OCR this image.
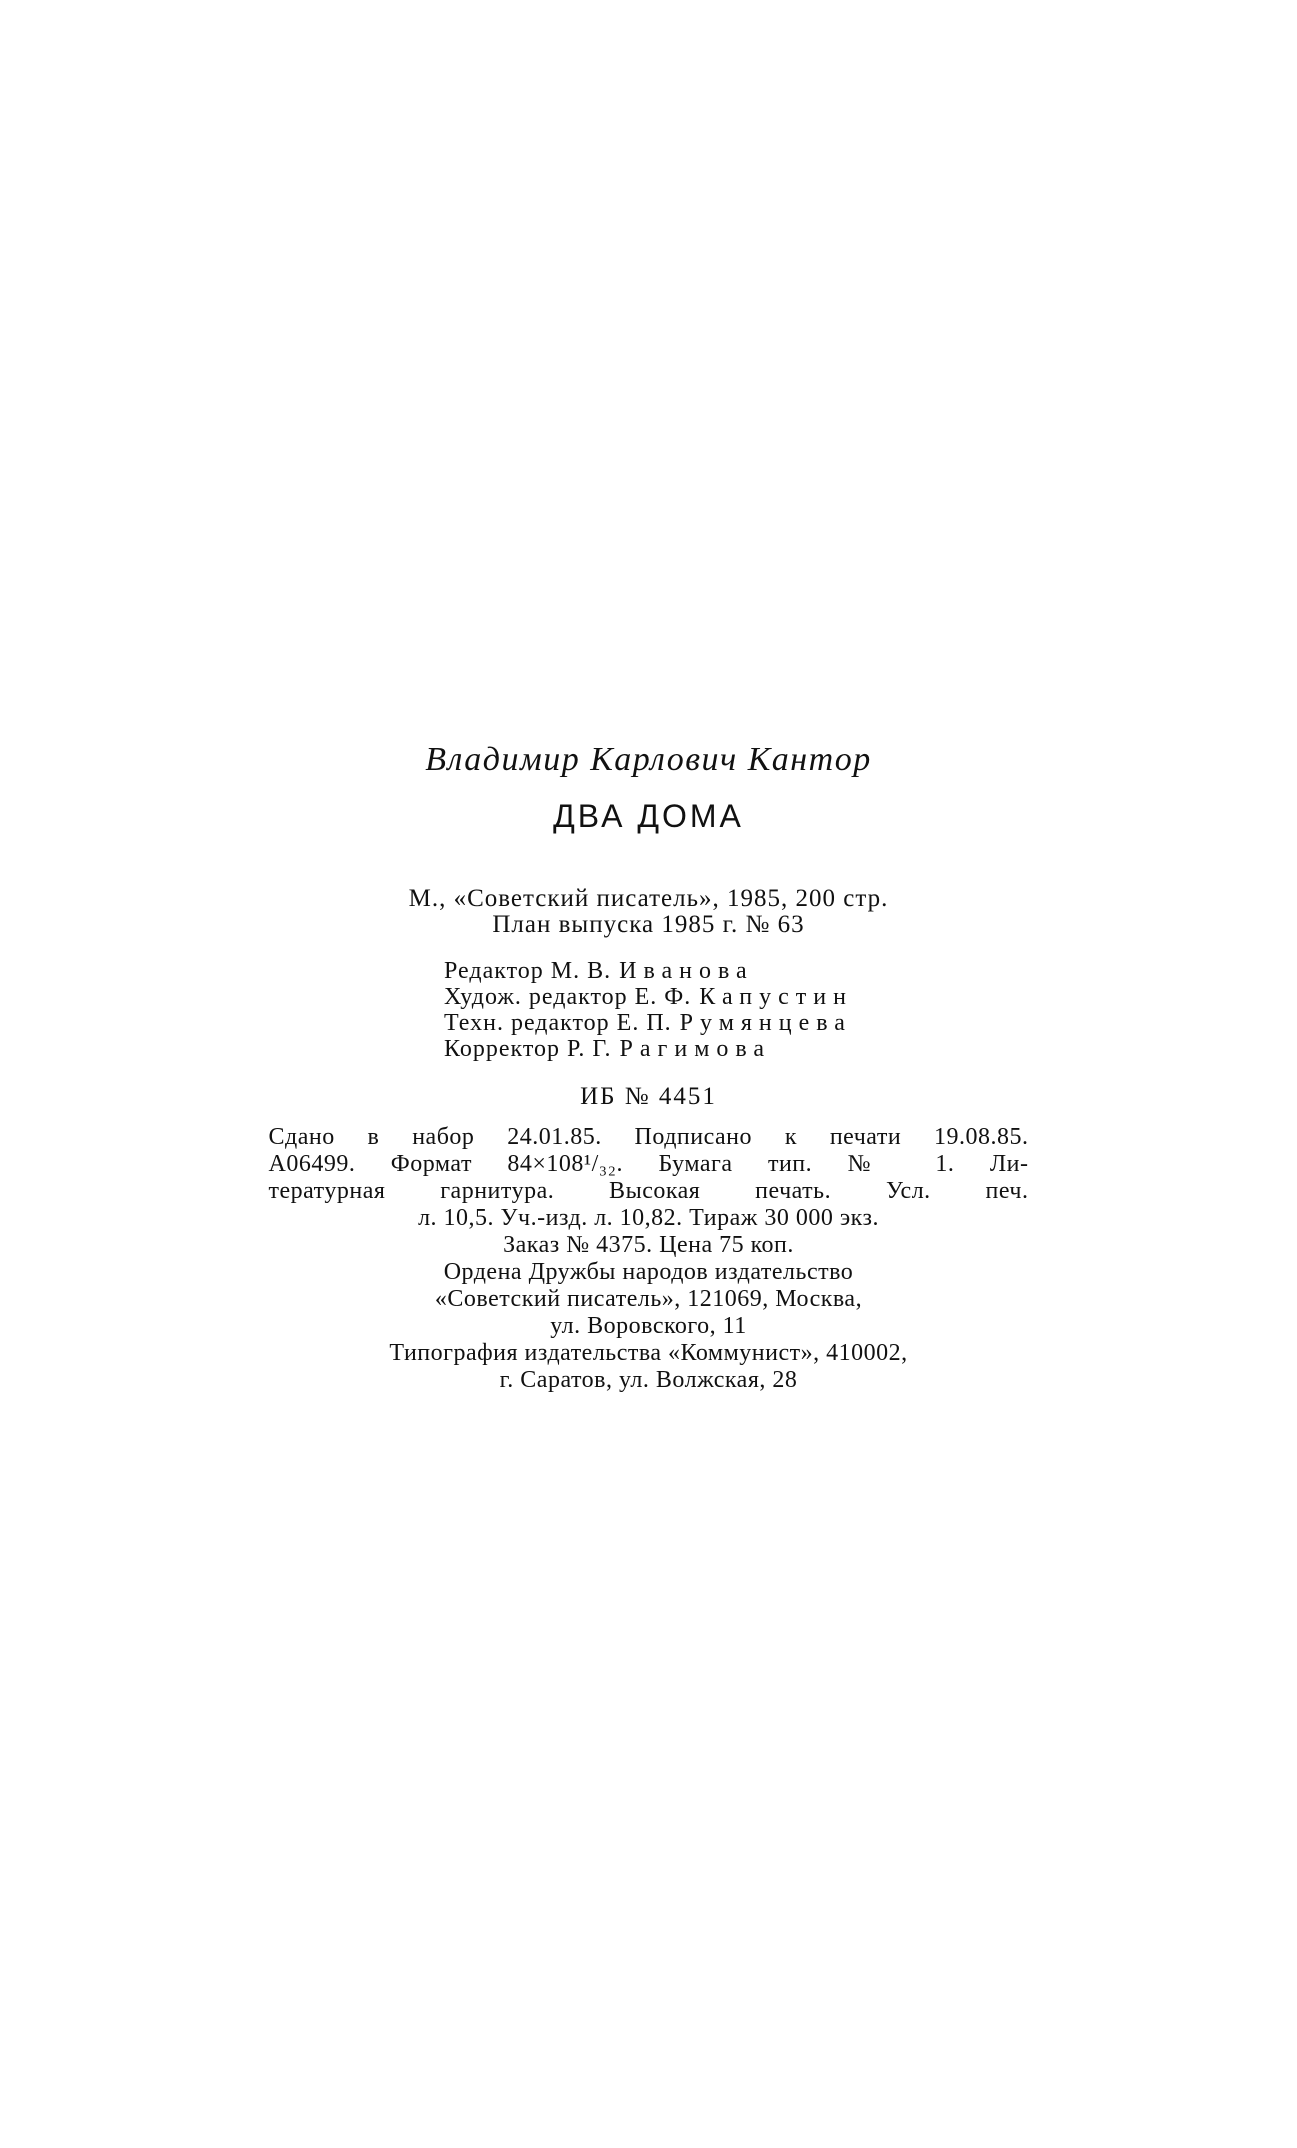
Владимир Карлович Кантор

ДВА ДОМА
М., «Советский писатель», 1985, 200 стр.
План выпуска 1985 г. № 63
Редактор М. В. Иванова
Худож. редактор Е. Ф. Капустин
Техн. редактор Е. П. Румянцева
Корректор Р. Г. Рагимова
ИБ № 4451
Сдано в набор 24.01.85. Подписано к печати 19.08.85.
А06499. Формат 84×108¹/₃₂. Бумага тип. № 1. Ли-
тературная гарнитура. Высокая печать. Усл. печ.
л. 10,5. Уч.-изд. л. 10,82. Тираж 30 000 экз.
Заказ № 4375. Цена 75 коп.
Ордена Дружбы народов издательство
«Советский писатель», 121069, Москва,
ул. Воровского, 11
Типография издательства «Коммунист», 410002,
г. Саратов, ул. Волжская, 28
